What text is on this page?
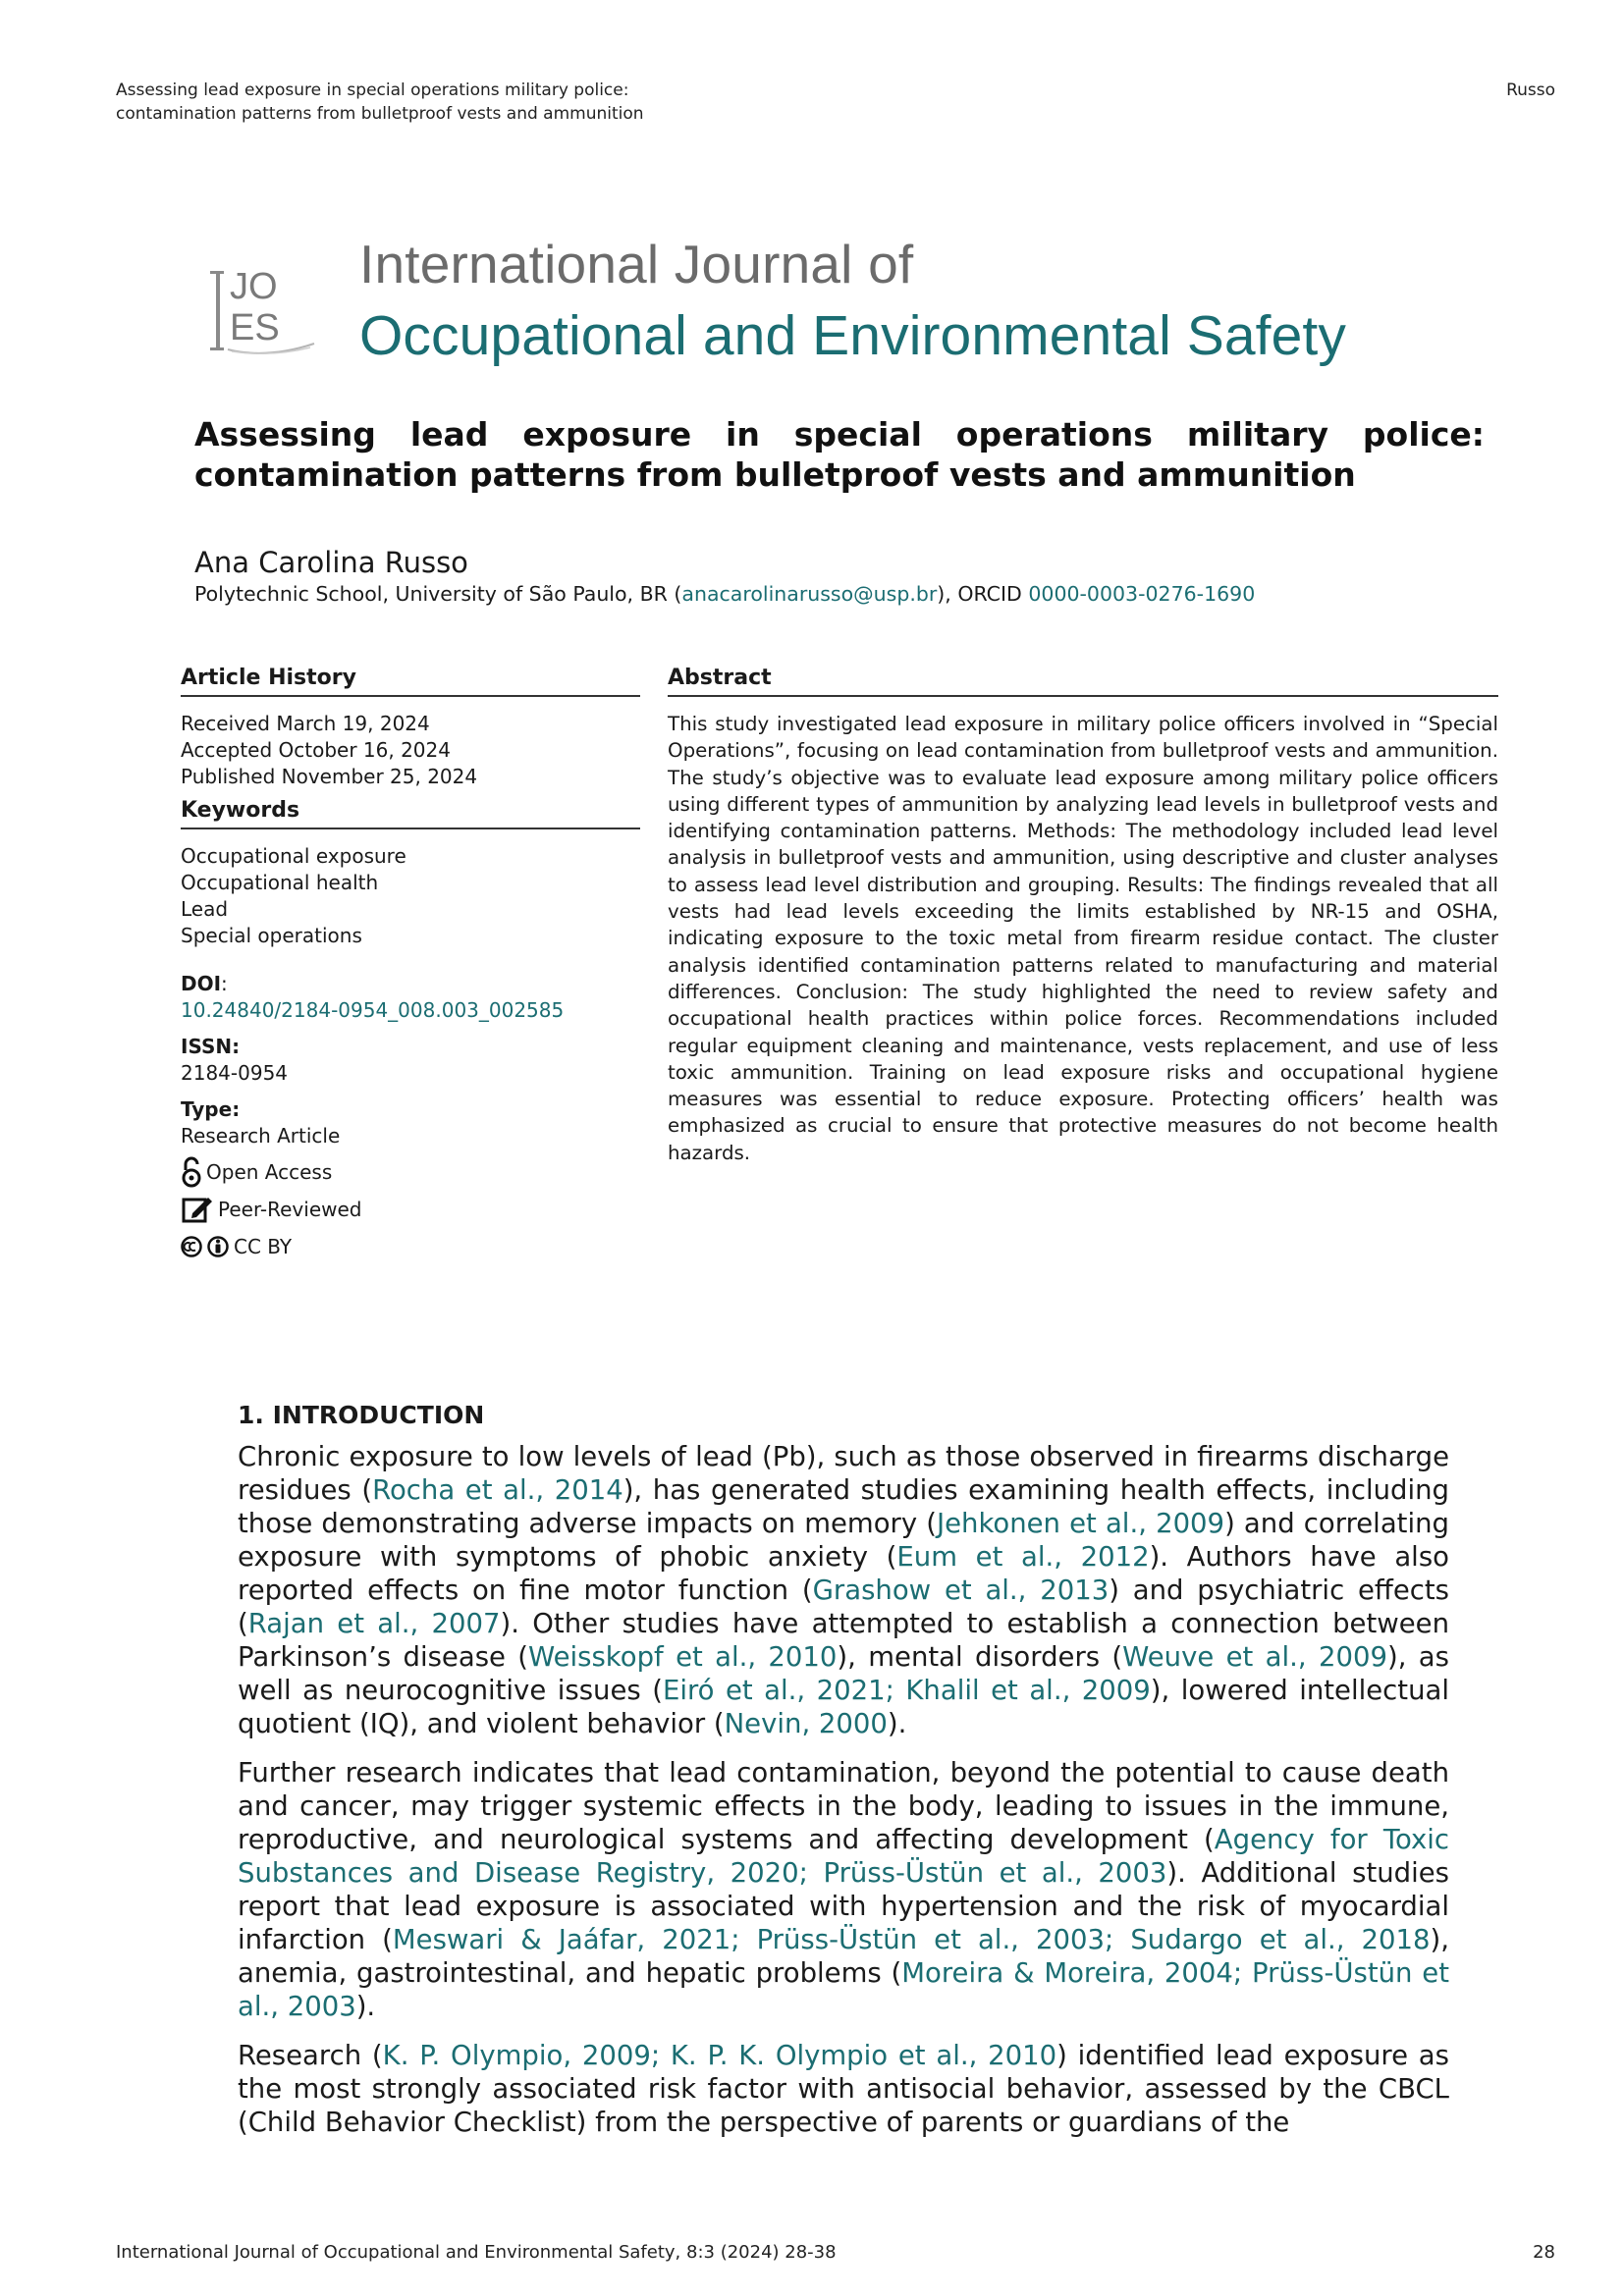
Assessing lead exposure in special operations military police:
contamination patterns from bulletproof vests and ammunition
Russo
JO
ES
International Journal of
Occupational and Environmental Safety
Assessing lead exposure in special operations military police: contamination patterns from bulletproof vests and ammunition
Ana Carolina Russo
Polytechnic School, University of São Paulo, BR (anacarolinarusso@usp.br), ORCID 0000-0003-0276-1690
Article History
Received March 19, 2024
Accepted October 16, 2024
Published November 25, 2024
Keywords
Occupational exposure
Occupational health
Lead
Special operations
DOI:
10.24840/2184-0954_008.003_002585
ISSN:
2184-0954
Type:
Research Article
Open Access
Peer-Reviewed
CC BY
Abstract
This study investigated lead exposure in military police officers involved in “Special Operations”, focusing on lead contamination from bulletproof vests and ammunition. The study’s objective was to evaluate lead exposure among military police officers using different types of ammunition by analyzing lead levels in bulletproof vests and identifying contamination patterns. Methods: The methodology included lead level analysis in bulletproof vests and ammunition, using descriptive and cluster analyses to assess lead level distribution and grouping. Results: The findings revealed that all vests had lead levels exceeding the limits established by NR-15 and OSHA, indicating exposure to the toxic metal from firearm residue contact. The cluster analysis identified contamination patterns related to manufacturing and material differences. Conclusion: The study highlighted the need to review safety and occupational health practices within police forces. Recommendations included regular equipment cleaning and maintenance, vests replacement, and use of less toxic ammunition. Training on lead exposure risks and occupational hygiene measures was essential to reduce exposure. Protecting officers’ health was emphasized as crucial to ensure that protective measures do not become health hazards.
1. INTRODUCTION

Chronic exposure to low levels of lead (Pb), such as those observed in firearms discharge residues (Rocha et al., 2014), has generated studies examining health effects, including those demonstrating adverse impacts on memory (Jehkonen et al., 2009) and correlating exposure with symptoms of phobic anxiety (Eum et al., 2012). Authors have also reported effects on fine motor function (Grashow et al., 2013) and psychiatric effects (Rajan et al., 2007). Other studies have attempted to establish a connection between Parkinson’s disease (Weisskopf et al., 2010), mental disorders (Weuve et al., 2009), as well as neurocognitive issues (Eiró et al., 2021; Khalil et al., 2009), lowered intellectual quotient (IQ), and violent behavior (Nevin, 2000).

Further research indicates that lead contamination, beyond the potential to cause death and cancer, may trigger systemic effects in the body, leading to issues in the immune, reproductive, and neurological systems and affecting development (Agency for Toxic Substances and Disease Registry, 2020; Prüss-Üstün et al., 2003). Additional studies report that lead exposure is associated with hypertension and the risk of myocardial infarction (Meswari & Jaáfar, 2021; Prüss-Üstün et al., 2003; Sudargo et al., 2018), anemia, gastrointestinal, and hepatic problems (Moreira & Moreira, 2004; Prüss-Üstün et al., 2003).

Research (K. P. Olympio, 2009; K. P. K. Olympio et al., 2010) identified lead exposure as the most strongly associated risk factor with antisocial behavior, assessed by the CBCL (Child Behavior Checklist) from the perspective of parents or guardians of the

International Journal of Occupational and Environmental Safety, 8:3 (2024) 28-38	28
